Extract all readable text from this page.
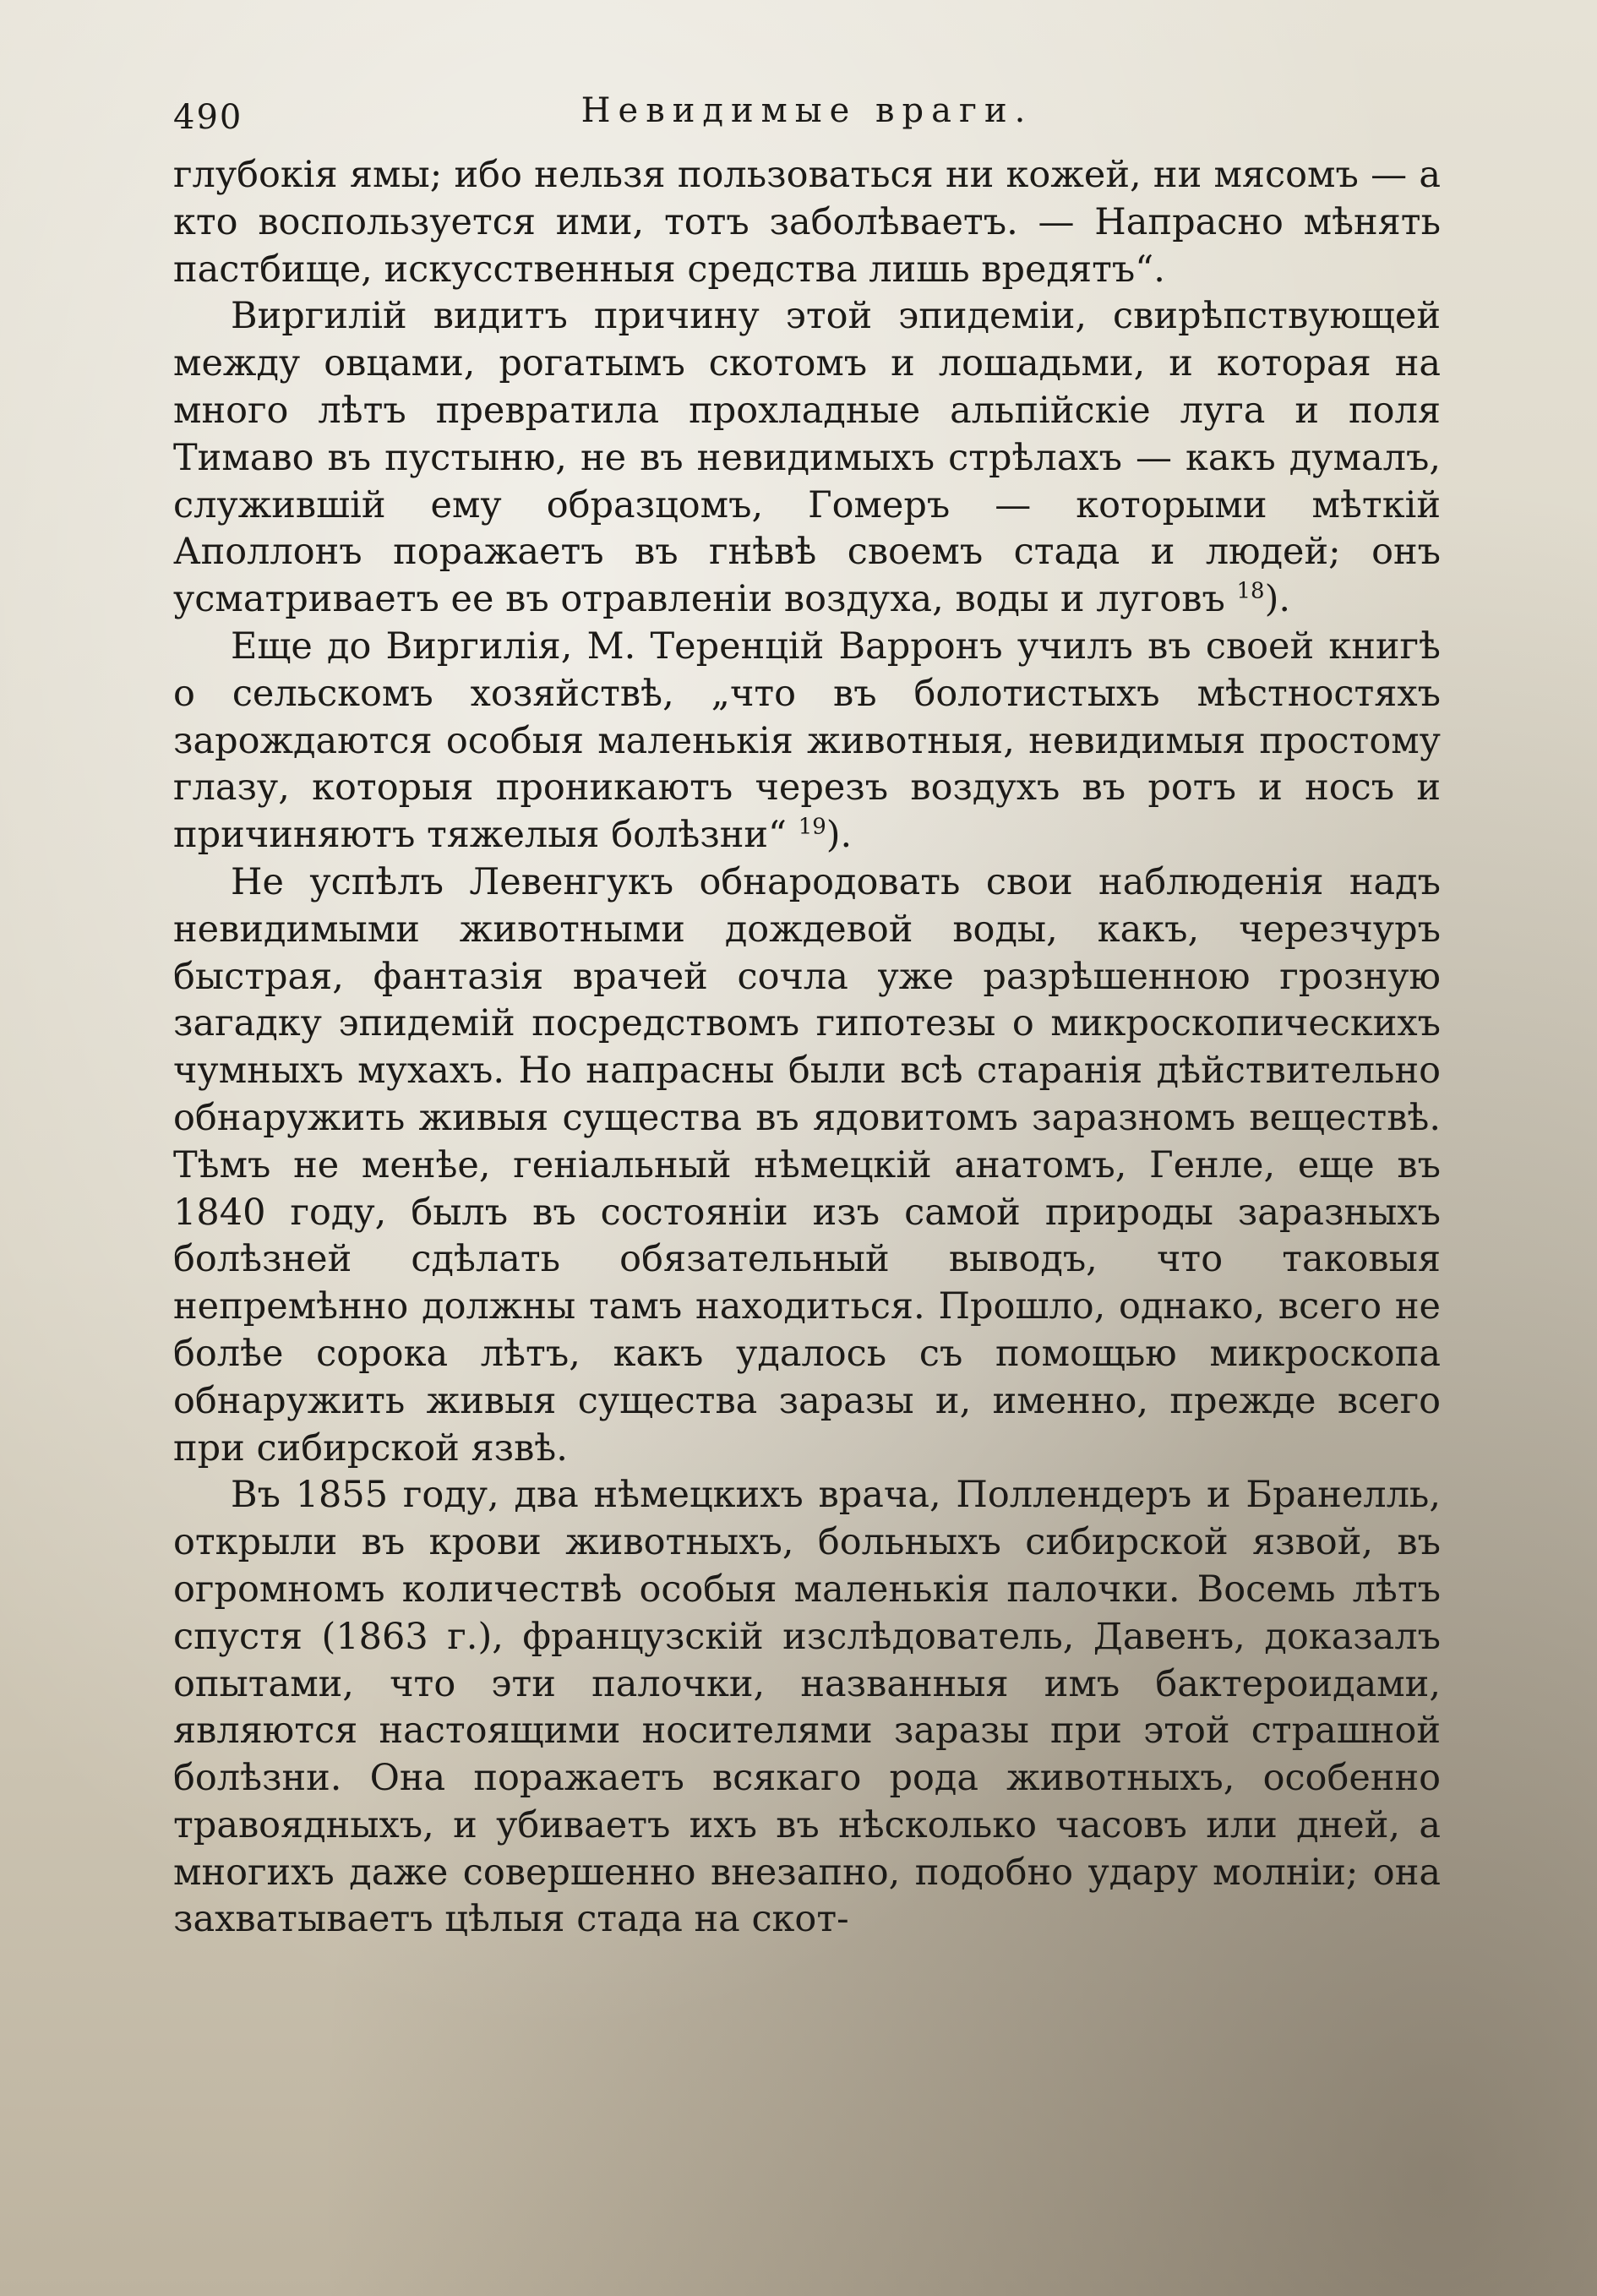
Невидимые враги.
490

глубокія ямы; ибо нельзя пользоваться ни кожей, ни мясомъ — а кто воспользуется ими, тотъ заболѣваетъ. — Напрасно мѣнять пастбище, искусственныя средства лишь вредятъ“.

Виргилій видитъ причину этой эпидеміи, свирѣпствующей между овцами, рогатымъ скотомъ и лошадьми, и которая на много лѣтъ превратила прохладные альпійскіе луга и поля Тимаво въ пустыню, не въ невидимыхъ стрѣлахъ — какъ думалъ, служившій ему образцомъ, Гомеръ — которыми мѣткій Аполлонъ поражаетъ въ гнѣвѣ своемъ стада и людей; онъ усматриваетъ ее въ отравленіи воздуха, воды и луговъ $^{18}$).

Еще до Виргилія, М. Теренцій Варронъ училъ въ своей книгѣ о сельскомъ хозяйствѣ, „что въ болотистыхъ мѣстностяхъ зарождаются особыя маленькія животныя, невидимыя простому глазу, которыя проникаютъ черезъ воздухъ въ ротъ и носъ и причиняютъ тяжелыя болѣзни“ $^{19}$).

Не успѣлъ Левенгукъ обнародовать свои наблюденія надъ невидимыми животными дождевой воды, какъ, черезчуръ быстрая, фантазія врачей сочла уже разрѣшенною грозную загадку эпидемій посредствомъ гипотезы о микроскопическихъ чумныхъ мухахъ. Но напрасны были всѣ старанія дѣйствительно обнаружить живыя существа въ ядовитомъ заразномъ веществѣ. Тѣмъ не менѣе, геніальный нѣмецкій анатомъ, Генле, еще въ 1840 году, былъ въ состояніи изъ самой природы заразныхъ болѣзней сдѣлать обязательный выводъ, что таковыя непремѣнно должны тамъ находиться. Прошло, однако, всего не болѣе сорока лѣтъ, какъ удалось съ помощью микроскопа обнаружить живыя существа заразы и, именно, прежде всего при сибирской язвѣ.

Въ 1855 году, два нѣмецкихъ врача, Поллендеръ и Бранелль, открыли въ крови животныхъ, больныхъ сибирской язвой, въ огромномъ количествѣ особыя маленькія палочки. Восемь лѣтъ спустя (1863 г.), французскій изслѣдователь, Давенъ, доказалъ опытами, что эти палочки, названныя имъ бактероидами, являются настоящими носителями заразы при этой страшной болѣзни. Она поражаетъ всякаго рода животныхъ, особенно травоядныхъ, и убиваетъ ихъ въ нѣсколько часовъ или дней, а многихъ даже совершенно внезапно, подобно удару молніи; она захватываетъ цѣлыя стада на скот-
